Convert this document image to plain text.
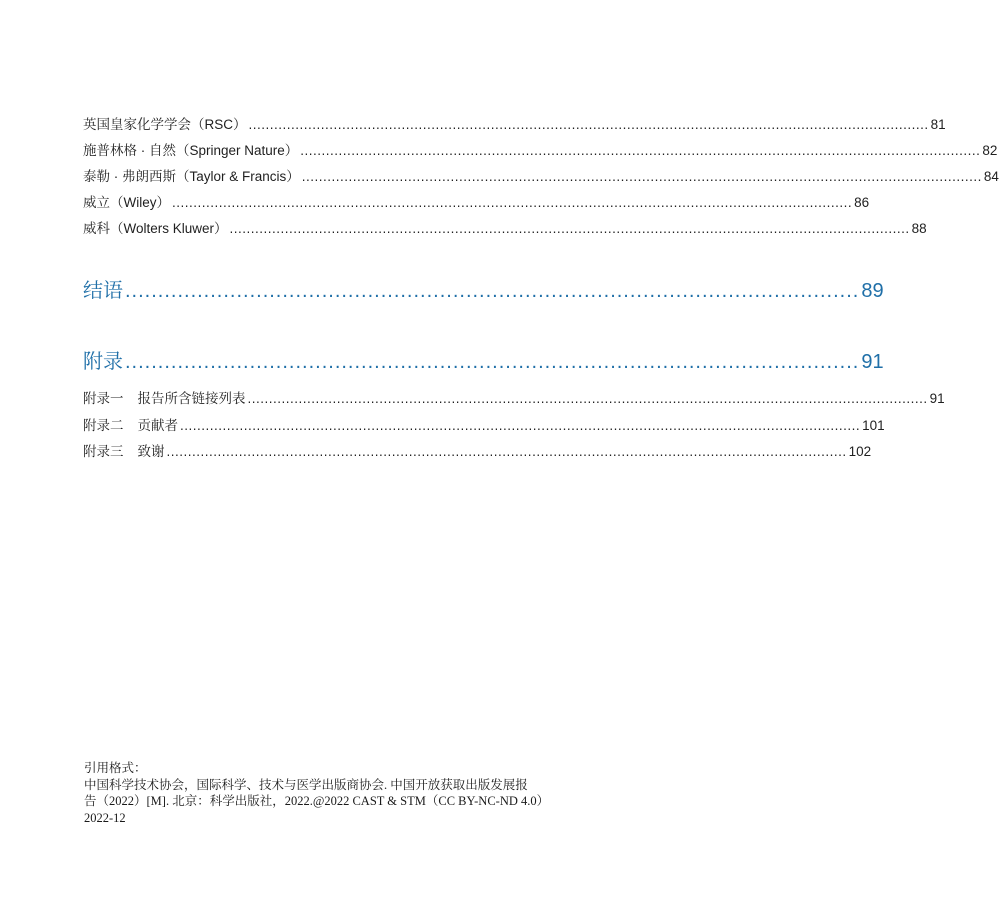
英国皇家化学学会（RSC） ................................................................................................................................................................ 81
施普林格 · 自然（Springer Nature） ................................................................................................................................................................ 82
泰勒 · 弗朗西斯（Taylor & Francis） ................................................................................................................................................................ 84
威立（Wiley） ................................................................................................................................................................ 86
威科（Wolters Kluwer） ................................................................................................................................................................ 88
结语 ................................................................................................................ 89
附录 ................................................................................................................ 91
附录一 报告所含链接列表 ................................................................................................................................................................ 91
附录二 贡献者 ................................................................................................................................................................ 101
附录三 致谢 ................................................................................................................................................................ 102
引用格式：
中国科学技术协会，国际科学、技术与医学出版商协会. 中国开放获取出版发展报
告（2022）[M]. 北京：科学出版社，2022.@2022 CAST & STM（CC BY-NC-ND 4.0）
2022-12
